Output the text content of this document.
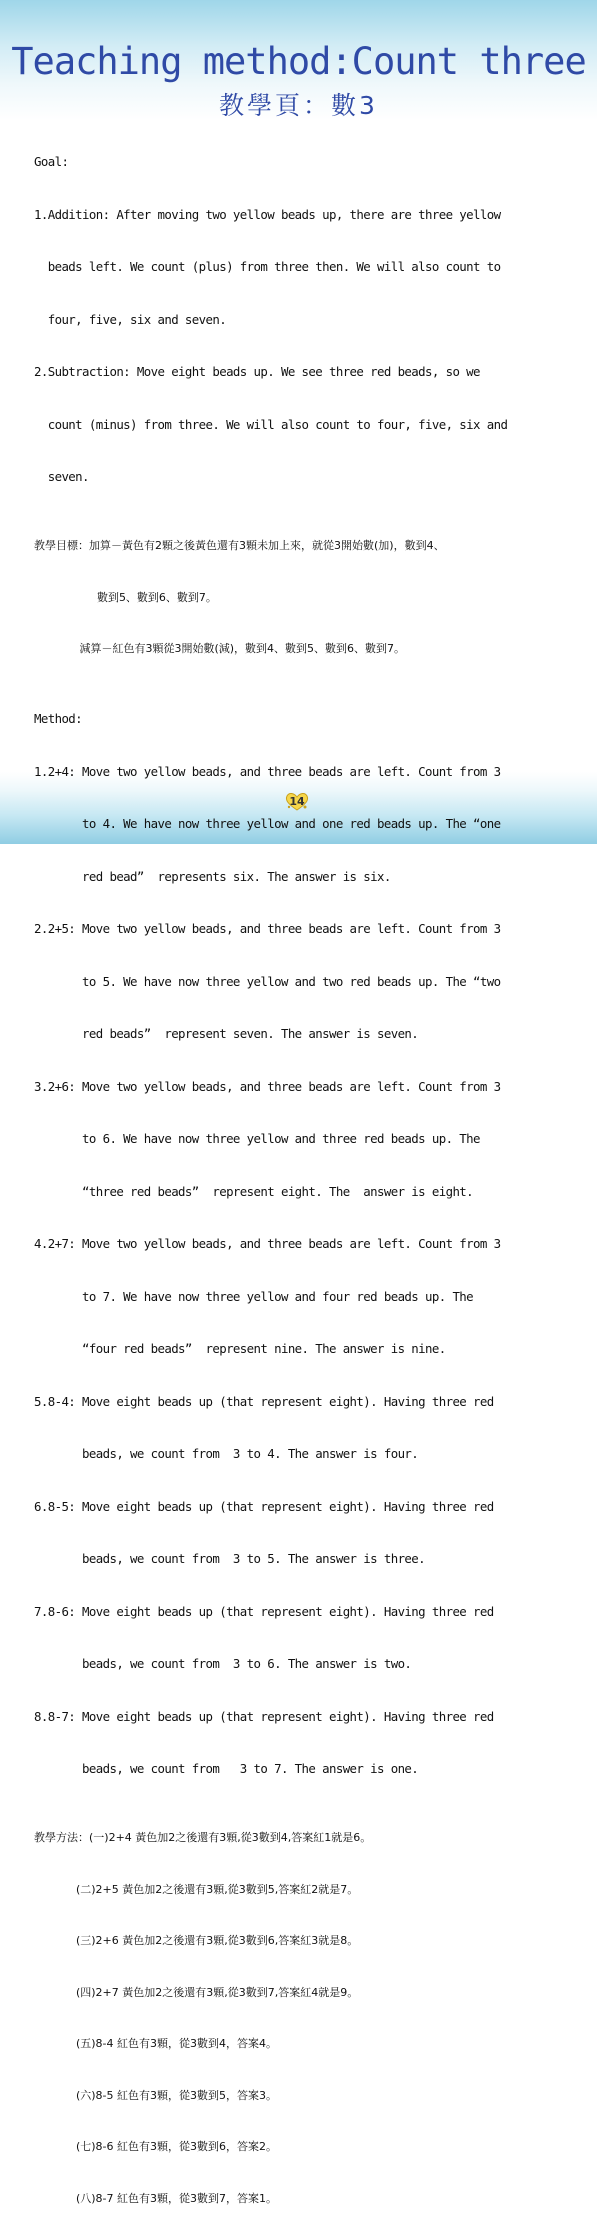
Teaching method:Count three
教學頁：數3

Goal:

1.Addition: After moving two yellow beads up, there are three yellow

beads left. We count (plus) from three then. We will also count to

four, five, six and seven.

2.Subtraction: Move eight beads up. We see three red beads, so we

count (minus) from three. We will also count to four, five, six and

seven.

教學目標：加算－黃色有2顆之後黃色還有3顆未加上來，就從3開始數(加)，數到4、

數到5、數到6、數到7。

減算－紅色有3顆從3開始數(減)，數到4、數到5、數到6、數到7。

Method:

1.2+4: Move two yellow beads, and three beads are left. Count from 3

to 4. We have now three yellow and one red beads up. The “one

red bead”  represents six. The answer is six.

2.2+5: Move two yellow beads, and three beads are left. Count from 3

to 5. We have now three yellow and two red beads up. The “two

red beads”  represent seven. The answer is seven.

3.2+6: Move two yellow beads, and three beads are left. Count from 3

to 6. We have now three yellow and three red beads up. The

“three red beads”  represent eight. The  answer is eight.

4.2+7: Move two yellow beads, and three beads are left. Count from 3

to 7. We have now three yellow and four red beads up. The

“four red beads”  represent nine. The answer is nine.

5.8-4: Move eight beads up (that represent eight). Having three red

beads, we count from  3 to 4. The answer is four.

6.8-5: Move eight beads up (that represent eight). Having three red

beads, we count from  3 to 5. The answer is three.

7.8-6: Move eight beads up (that represent eight). Having three red

beads, we count from  3 to 6. The answer is two.

8.8-7: Move eight beads up (that represent eight). Having three red

beads, we count from   3 to 7. The answer is one.

教學方法：(一)2+4 黃色加2之後還有3顆,從3數到4,答案紅1就是6。

(二)2+5 黃色加2之後還有3顆,從3數到5,答案紅2就是7。

(三)2+6 黃色加2之後還有3顆,從3數到6,答案紅3就是8。

(四)2+7 黃色加2之後還有3顆,從3數到7,答案紅4就是9。

(五)8-4 紅色有3顆，從3數到4，答案4。

(六)8-5 紅色有3顆，從3數到5，答案3。

(七)8-6 紅色有3顆，從3數到6，答案2。

(八)8-7 紅色有3顆，從3數到7，答案1。

14
